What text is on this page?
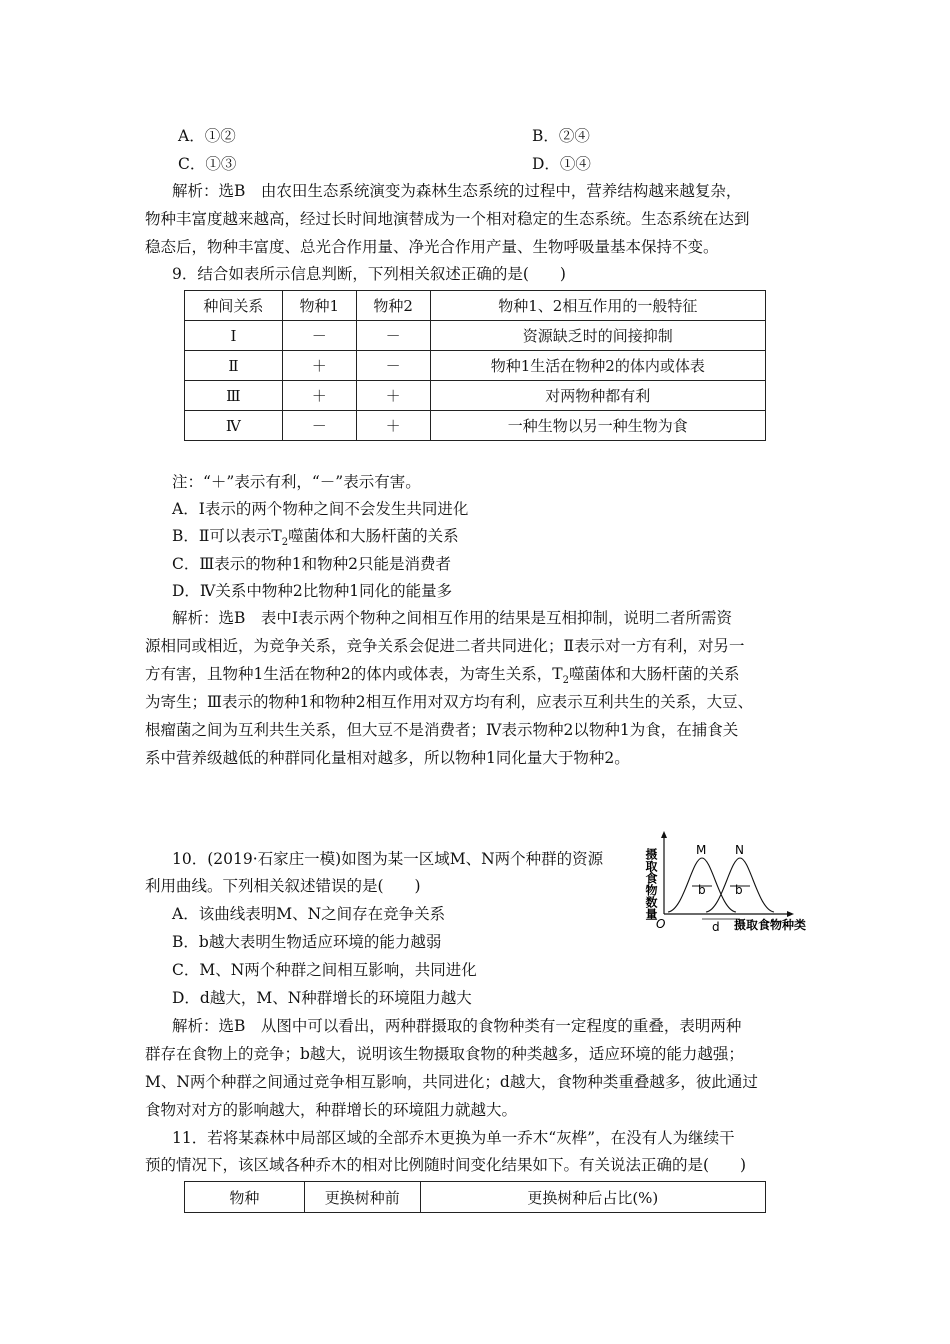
A．①②	B．②④
C．①③	D．①④
解析：选B　由农田生态系统演变为森林生态系统的过程中，营养结构越来越复杂，
物种丰富度越来越高，经过长时间地演替成为一个相对稳定的生态系统。生态系统在达到
稳态后，物种丰富度、总光合作用量、净光合作用产量、生物呼吸量基本保持不变。
9．结合如表所示信息判断，下列相关叙述正确的是(　　)
种间关系	物种1	物种2	物种1、2相互作用的一般特征
Ⅰ	－	－	资源缺乏时的间接抑制
Ⅱ	＋	－	物种1生活在物种2的体内或体表
Ⅲ	＋	＋	对两物种都有利
Ⅳ	－	＋	一种生物以另一种生物为食
注：“＋”表示有利，“－”表示有害。
A．Ⅰ表示的两个物种之间不会发生共同进化
B．Ⅱ可以表示$T_2$噬菌体和大肠杆菌的关系
C．Ⅲ表示的物种1和物种2只能是消费者
D．Ⅳ关系中物种2比物种1同化的能量多
解析：选B　表中Ⅰ表示两个物种之间相互作用的结果是互相抑制，说明二者所需资
源相同或相近，为竞争关系，竞争关系会促进二者共同进化；Ⅱ表示对一方有利，对另一
方有害，且物种1生活在物种2的体内或体表，为寄生关系，$T_2$噬菌体和大肠杆菌的关系
为寄生；Ⅲ表示的物种1和物种2相互作用对双方均有利，应表示互利共生的关系，大豆、
根瘤菌之间为互利共生关系，但大豆不是消费者；Ⅳ表示物种2以物种1为食，在捕食关
系中营养级越低的种群同化量相对越多，所以物种1同化量大于物种2。
10．(2019·石家庄一模)如图为某一区域M、N两个种群的资源
利用曲线。下列相关叙述错误的是(　　)
A．该曲线表明M、N之间存在竞争关系
B．b越大表明生物适应环境的能力越弱
C．M、N两个种群之间相互影响，共同进化
D．d越大，M、N种群增长的环境阻力越大
摄取食物数量
O	摄取食物种类
M N
b b
d
解析：选B　从图中可以看出，两种群摄取的食物种类有一定程度的重叠，表明两种
群存在食物上的竞争；b越大，说明该生物摄取食物的种类越多，适应环境的能力越强；
M、N两个种群之间通过竞争相互影响，共同进化；d越大，食物种类重叠越多，彼此通过
食物对对方的影响越大，种群增长的环境阻力就越大。
11．若将某森林中局部区域的全部乔木更换为单一乔木“灰桦”，在没有人为继续干
预的情况下，该区域各种乔木的相对比例随时间变化结果如下。有关说法正确的是(　　)
物种	更换树种前	更换树种后占比(%)
